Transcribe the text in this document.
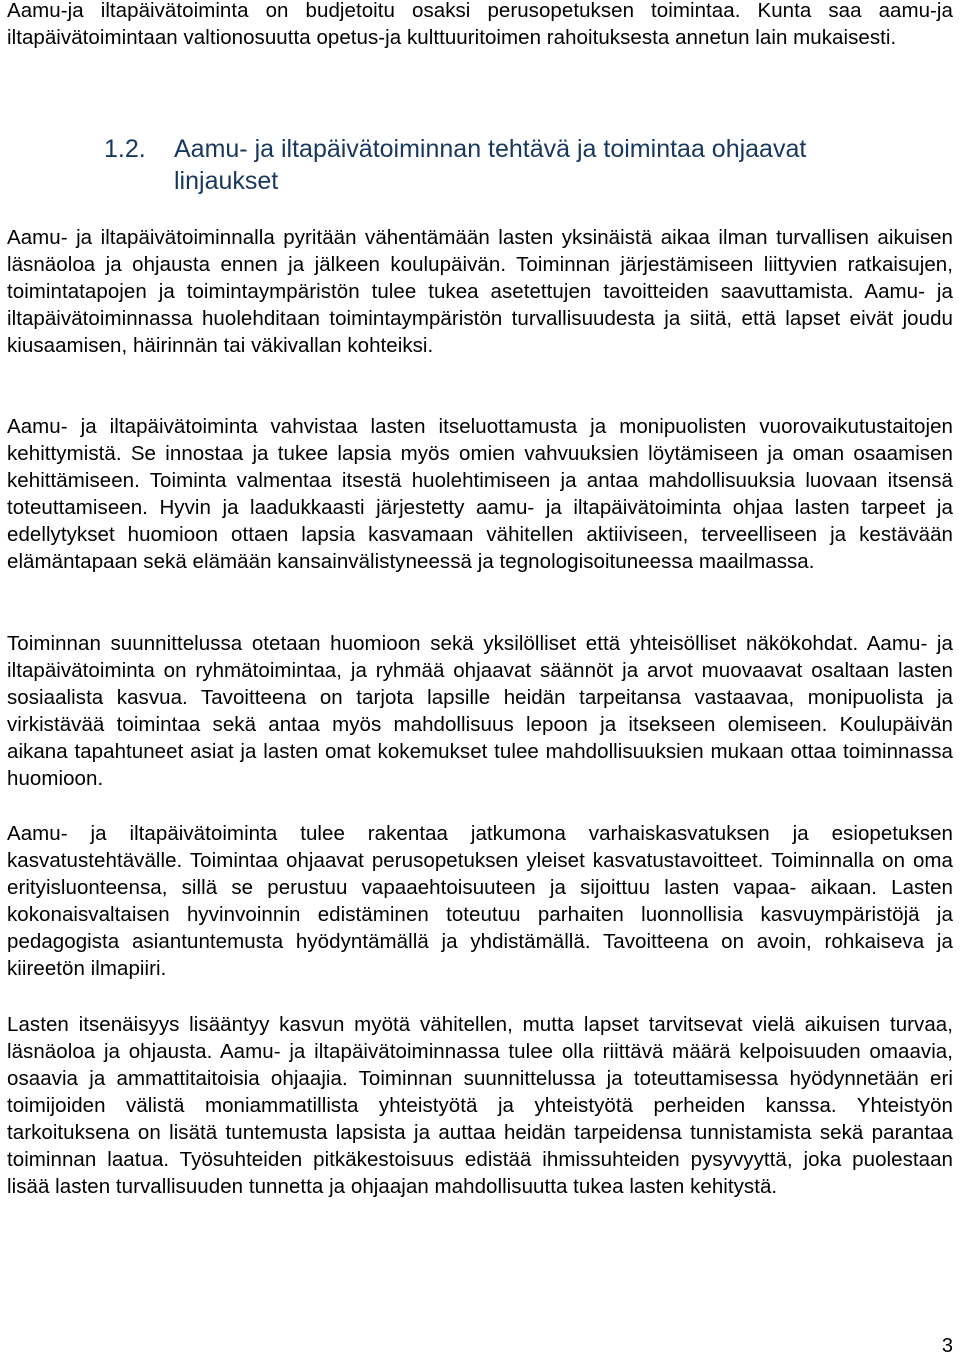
Aamu-ja iltapäivätoiminta on budjetoitu osaksi perusopetuksen toimintaa. Kunta saa aamu-ja iltapäivätoimintaan valtionosuutta opetus-ja kulttuuritoimen rahoituksesta annetun lain mukaisesti.

1.2. Aamu- ja iltapäivätoiminnan tehtävä ja toimintaa ohjaavat
linjaukset

Aamu- ja iltapäivätoiminnalla pyritään vähentämään lasten yksinäistä aikaa ilman turvallisen aikuisen läsnäoloa ja ohjausta ennen ja jälkeen koulupäivän. Toiminnan järjestämiseen liittyvien ratkaisujen, toimintatapojen ja toimintaympäristön tulee tukea asetettujen tavoitteiden saavuttamista. Aamu- ja iltapäivätoiminnassa huolehditaan toimintaympäristön turvallisuudesta ja siitä, että lapset eivät joudu kiusaamisen, häirinnän tai väkivallan kohteiksi.

Aamu- ja iltapäivätoiminta vahvistaa lasten itseluottamusta ja monipuolisten vuorovaikutustaitojen kehittymistä. Se innostaa ja tukee lapsia myös omien vahvuuksien löytämiseen ja oman osaamisen kehittämiseen. Toiminta valmentaa itsestä huolehtimiseen ja antaa mahdollisuuksia luovaan itsensä toteuttamiseen. Hyvin ja laadukkaasti järjestetty aamu- ja iltapäivätoiminta ohjaa lasten tarpeet ja edellytykset huomioon ottaen lapsia kasvamaan vähitellen aktiiviseen, terveelliseen ja kestävään elämäntapaan sekä elämään kansainvälistyneessä ja tegnologisoituneessa maailmassa.

Toiminnan suunnittelussa otetaan huomioon sekä yksilölliset että yhteisölliset näkökohdat. Aamu- ja iltapäivätoiminta on ryhmätoimintaa, ja ryhmää ohjaavat säännöt ja arvot muovaavat osaltaan lasten sosiaalista kasvua. Tavoitteena on tarjota lapsille heidän tarpeitansa vastaavaa, monipuolista ja virkistävää toimintaa sekä antaa myös mahdollisuus lepoon ja itsekseen olemiseen. Koulupäivän aikana tapahtuneet asiat ja lasten omat kokemukset tulee mahdollisuuksien mukaan ottaa toiminnassa huomioon.

Aamu- ja iltapäivätoiminta tulee rakentaa jatkumona varhaiskasvatuksen ja esiopetuksen kasvatustehtävälle. Toimintaa ohjaavat perusopetuksen yleiset kasvatustavoitteet. Toiminnalla on oma erityisluonteensa, sillä se perustuu vapaaehtoisuuteen ja sijoittuu lasten vapaa- aikaan. Lasten kokonaisvaltaisen hyvinvoinnin edistäminen toteutuu parhaiten luonnollisia kasvuympäristöjä ja pedagogista asiantuntemusta hyödyntämällä ja yhdistämällä. Tavoitteena on avoin, rohkaiseva ja kiireetön ilmapiiri.

Lasten itsenäisyys lisääntyy kasvun myötä vähitellen, mutta lapset tarvitsevat vielä aikuisen turvaa, läsnäoloa ja ohjausta. Aamu- ja iltapäivätoiminnassa tulee olla riittävä määrä kelpoisuuden omaavia, osaavia ja ammattitaitoisia ohjaajia. Toiminnan suunnittelussa ja toteuttamisessa hyödynnetään eri toimijoiden välistä moniammatillista yhteistyötä ja yhteistyötä perheiden kanssa. Yhteistyön tarkoituksena on lisätä tuntemusta lapsista ja auttaa heidän tarpeidensa tunnistamista sekä parantaa toiminnan laatua. Työsuhteiden pitkäkestoisuus edistää ihmissuhteiden pysyvyyttä, joka puolestaan lisää lasten turvallisuuden tunnetta ja ohjaajan mahdollisuutta tukea lasten kehitystä.

3
